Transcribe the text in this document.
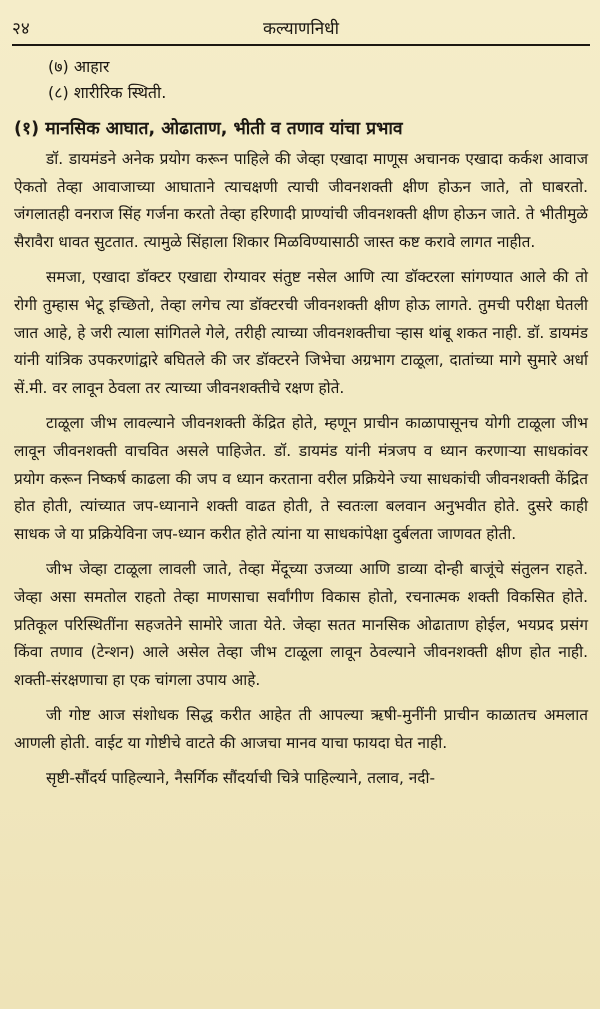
२४	कल्याणनिधी
(७) आहार
(८) शारीरिक स्थिती.
(१) मानसिक आघात, ओढाताण, भीती व तणाव यांचा प्रभाव

डॉ. डायमंडने अनेक प्रयोग करून पाहिले की जेव्हा एखादा माणूस अचानक एखादा कर्कश आवाज ऐकतो तेव्हा आवाजाच्या आघाताने त्याचक्षणी त्याची जीवनशक्ती क्षीण होऊन जाते, तो घाबरतो. जंगलातही वनराज सिंह गर्जना करतो तेव्हा हरिणादी प्राण्यांची जीवनशक्ती क्षीण होऊन जाते. ते भीतीमुळे सैरावैरा धावत सुटतात. त्यामुळे सिंहाला शिकार मिळविण्यासाठी जास्त कष्ट करावे लागत नाहीत.

समजा, एखादा डॉक्टर एखाद्या रोग्यावर संतुष्ट नसेल आणि त्या डॉक्टरला सांगण्यात आले की तो रोगी तुम्हास भेटू इच्छितो, तेव्हा लगेच त्या डॉक्टरची जीवनशक्ती क्षीण होऊ लागते. तुमची परीक्षा घेतली जात आहे, हे जरी त्याला सांगितले गेले, तरीही त्याच्या जीवनशक्तीचा ऱ्हास थांबू शकत नाही. डॉ. डायमंड यांनी यांत्रिक उपकरणांद्वारे बघितले की जर डॉक्टरने जिभेचा अग्रभाग टाळूला, दातांच्या मागे सुमारे अर्धा सें.मी. वर लावून ठेवला तर त्याच्या जीवनशक्तीचे रक्षण होते.

टाळूला जीभ लावल्याने जीवनशक्ती केंद्रित होते, म्हणून प्राचीन काळापासूनच योगी टाळूला जीभ लावून जीवनशक्ती वाचवित असले पाहिजेत. डॉ. डायमंड यांनी मंत्रजप व ध्यान करणाऱ्या साधकांवर प्रयोग करून निष्कर्ष काढला की जप व ध्यान करताना वरील प्रक्रियेने ज्या साधकांची जीवनशक्ती केंद्रित होत होती, त्यांच्यात जप-ध्यानाने शक्ती वाढत होती, ते स्वतःला बलवान अनुभवीत होते. दुसरे काही साधक जे या प्रक्रियेविना जप-ध्यान करीत होते त्यांना या साधकांपेक्षा दुर्बलता जाणवत होती.

जीभ जेव्हा टाळूला लावली जाते, तेव्हा मेंदूच्या उजव्या आणि डाव्या दोन्ही बाजूंचे संतुलन राहते. जेव्हा असा समतोल राहतो तेव्हा माणसाचा सर्वांगीण विकास होतो, रचनात्मक शक्ती विकसित होते. प्रतिकूल परिस्थितींना सहजतेने सामोरे जाता येते. जेव्हा सतत मानसिक ओढाताण होईल, भयप्रद प्रसंग किंवा तणाव (टेन्शन) आले असेल तेव्हा जीभ टाळूला लावून ठेवल्याने जीवनशक्ती क्षीण होत नाही. शक्ती-संरक्षणाचा हा एक चांगला उपाय आहे.

जी गोष्ट आज संशोधक सिद्ध करीत आहेत ती आपल्या ऋषी-मुनींनी प्राचीन काळातच अमलात आणली होती. वाईट या गोष्टीचे वाटते की आजचा मानव याचा फायदा घेत नाही.

सृष्टी-सौंदर्य पाहिल्याने, नैसर्गिक सौंदर्याची चित्रे पाहिल्याने, तलाव, नदी-
